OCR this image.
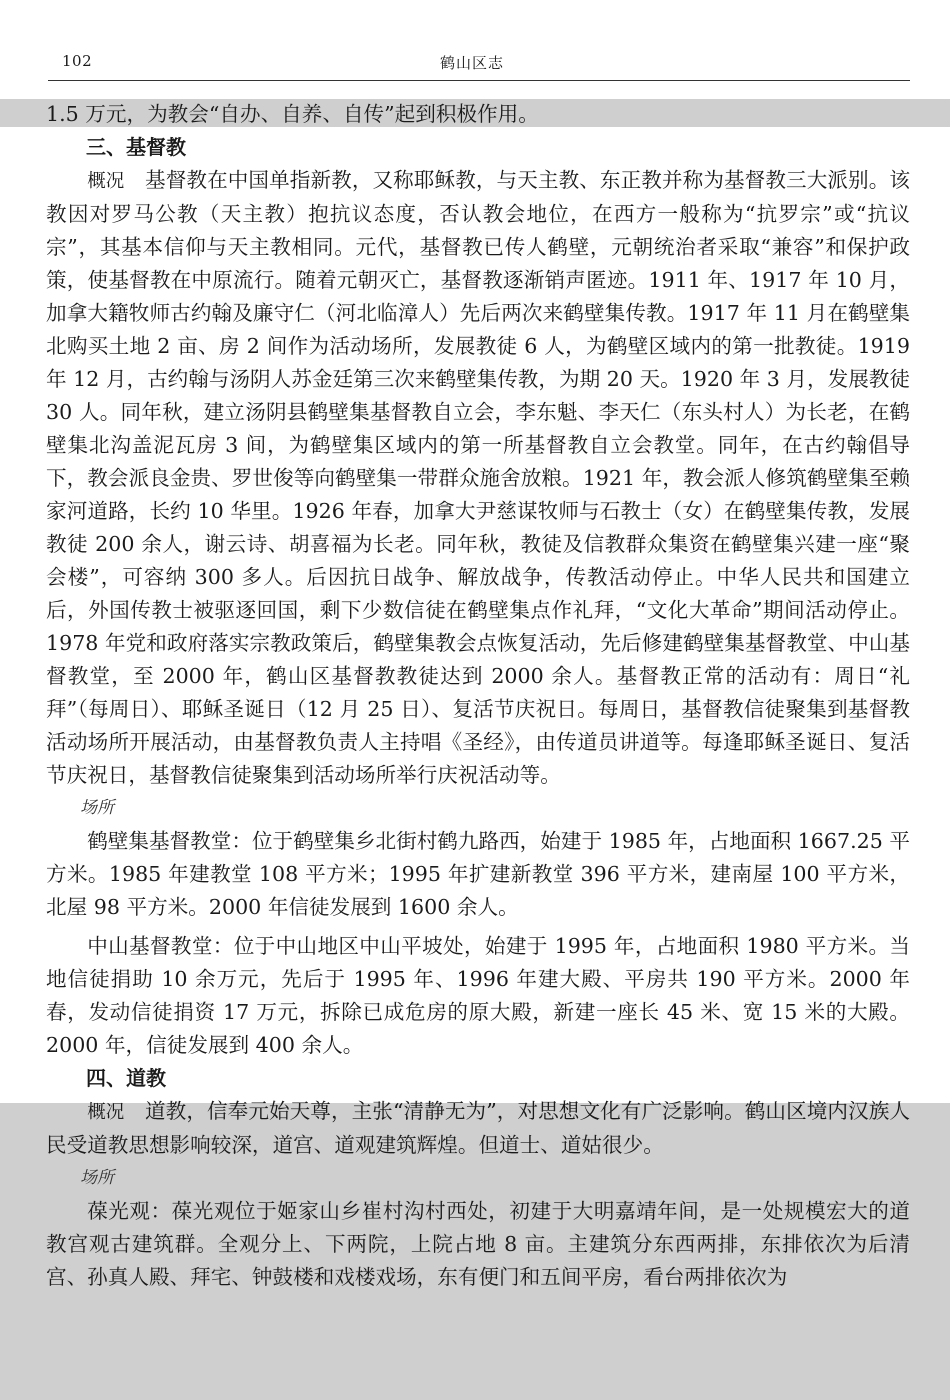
102	鹤山区志

1.5 万元，为教会“自办、自养、自传”起到积极作用。

三、基督教

概况　 基督教在中国单指新教，又称耶稣教，与天主教、东正教并称为基督教三大派别。该教因对罗马公教（天主教）抱抗议态度，否认教会地位，在西方一般称为“抗罗宗”或“抗议宗”，其基本信仰与天主教相同。元代，基督教已传人鹤壁，元朝统治者采取“兼容”和保护政策，使基督教在中原流行。随着元朝灭亡，基督教逐渐销声匿迹。1911 年、1917 年 10 月，加拿大籍牧师古约翰及廉守仁（河北临漳人）先后两次来鹤壁集传教。1917 年 11 月在鹤壁集北购买土地 2 亩、房 2 间作为活动场所，发展教徒 6 人，为鹤壁区域内的第一批教徒。1919 年 12 月，古约翰与汤阴人苏金廷第三次来鹤壁集传教，为期 20 天。1920 年 3 月，发展教徒 30 人。同年秋，建立汤阴县鹤壁集基督教自立会，李东魁、李天仁（东头村人）为长老，在鹤壁集北沟盖泥瓦房 3 间，为鹤壁集区域内的第一所基督教自立会教堂。同年，在古约翰倡导下，教会派良金贵、罗世俊等向鹤壁集一带群众施舍放粮。1921 年，教会派人修筑鹤壁集至赖家河道路，长约 10 华里。1926 年春，加拿大尹慈谋牧师与石教士（女）在鹤壁集传教，发展教徒 200 余人，谢云诗、胡喜福为长老。同年秋，教徒及信教群众集资在鹤壁集兴建一座“聚会楼”，可容纳 300 多人。后因抗日战争、解放战争，传教活动停止。中华人民共和国建立后，外国传教士被驱逐回国，剩下少数信徒在鹤壁集点作礼拜，“文化大革命”期间活动停止。1978 年党和政府落实宗教政策后，鹤壁集教会点恢复活动，先后修建鹤壁集基督教堂、中山基督教堂，至 2000 年，鹤山区基督教教徒达到 2000 余人。基督教正常的活动有：周日“礼拜”（每周日）、耶稣圣诞日（12 月 25 日）、复活节庆祝日。每周日，基督教信徒聚集到基督教活动场所开展活动，由基督教负责人主持唱《圣经》，由传道员讲道等。每逢耶稣圣诞日、复活节庆祝日，基督教信徒聚集到活动场所举行庆祝活动等。

场所

鹤壁集基督教堂：位于鹤壁集乡北街村鹤九路西，始建于 1985 年，占地面积 1667.25 平方米。1985 年建教堂 108 平方米；1995 年扩建新教堂 396 平方米，建南屋 100 平方米，北屋 98 平方米。2000 年信徒发展到 1600 余人。

中山基督教堂：位于中山地区中山平坡处，始建于 1995 年，占地面积 1980 平方米。当地信徒捐助 10 余万元，先后于 1995 年、1996 年建大殿、平房共 190 平方米。2000 年春，发动信徒捐资 17 万元，拆除已成危房的原大殿，新建一座长 45 米、宽 15 米的大殿。2000 年，信徒发展到 400 余人。

四、道教

概况　 道教，信奉元始天尊，主张“清静无为”，对思想文化有广泛影响。鹤山区境内汉族人民受道教思想影响较深，道宫、道观建筑辉煌。但道士、道姑很少。

场所

葆光观：葆光观位于姬家山乡崔村沟村西处，初建于大明嘉靖年间，是一处规模宏大的道教宫观古建筑群。全观分上、下两院，上院占地 8 亩。主建筑分东西两排，东排依次为后清宫、孙真人殿、拜宅、钟鼓楼和戏楼戏场，东有便门和五间平房，看台两排依次为
